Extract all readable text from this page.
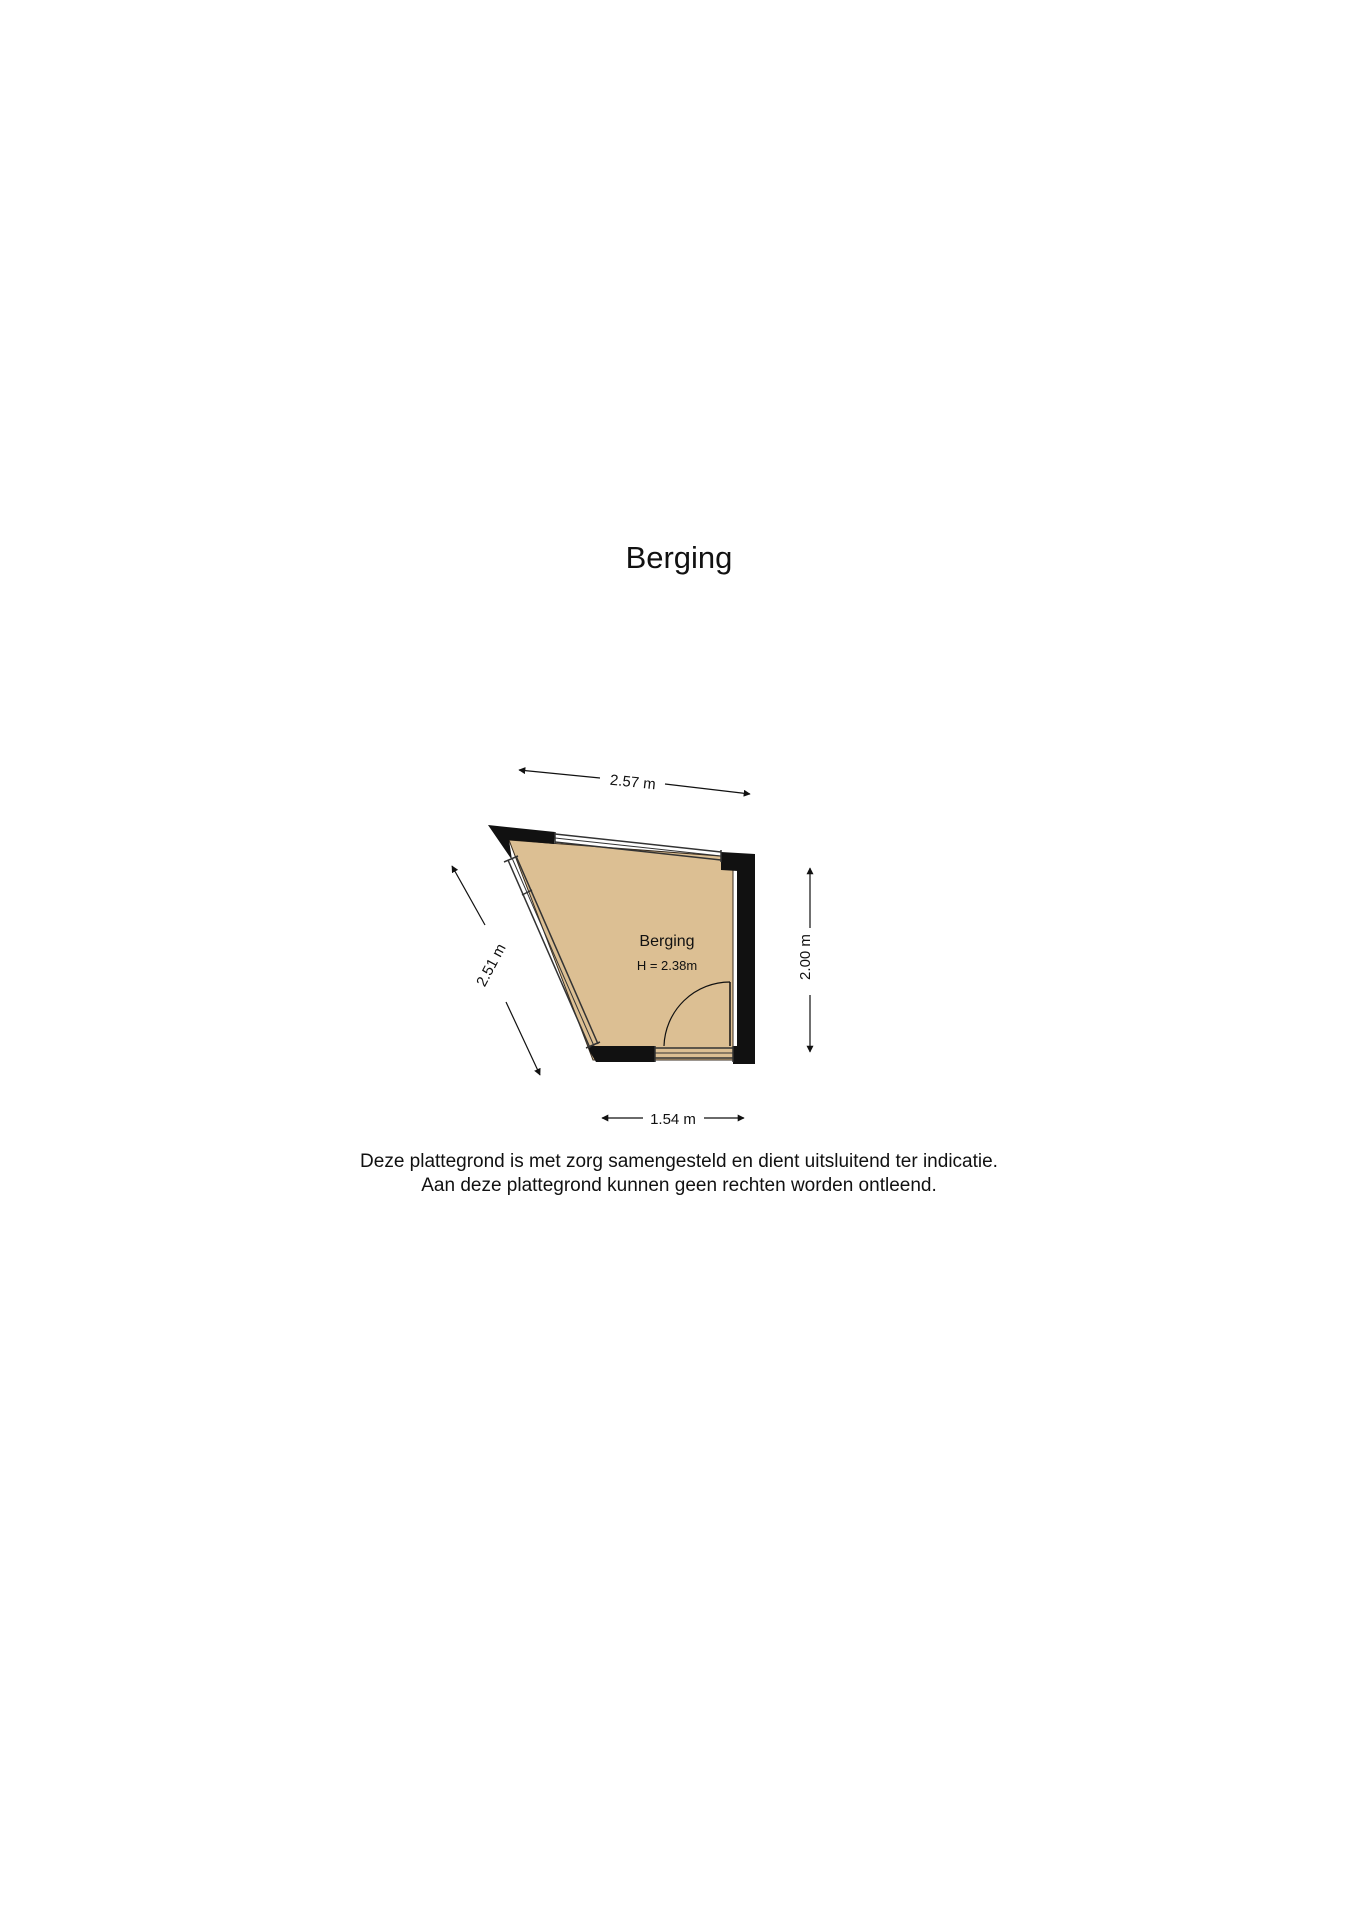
Berging
Berging
H = 2.38m
2.57 m
2.51 m	2.00 m
1.54 m
Deze plattegrond is met zorg samengesteld en dient uitsluitend ter indicatie.
Aan deze plattegrond kunnen geen rechten worden ontleend.
